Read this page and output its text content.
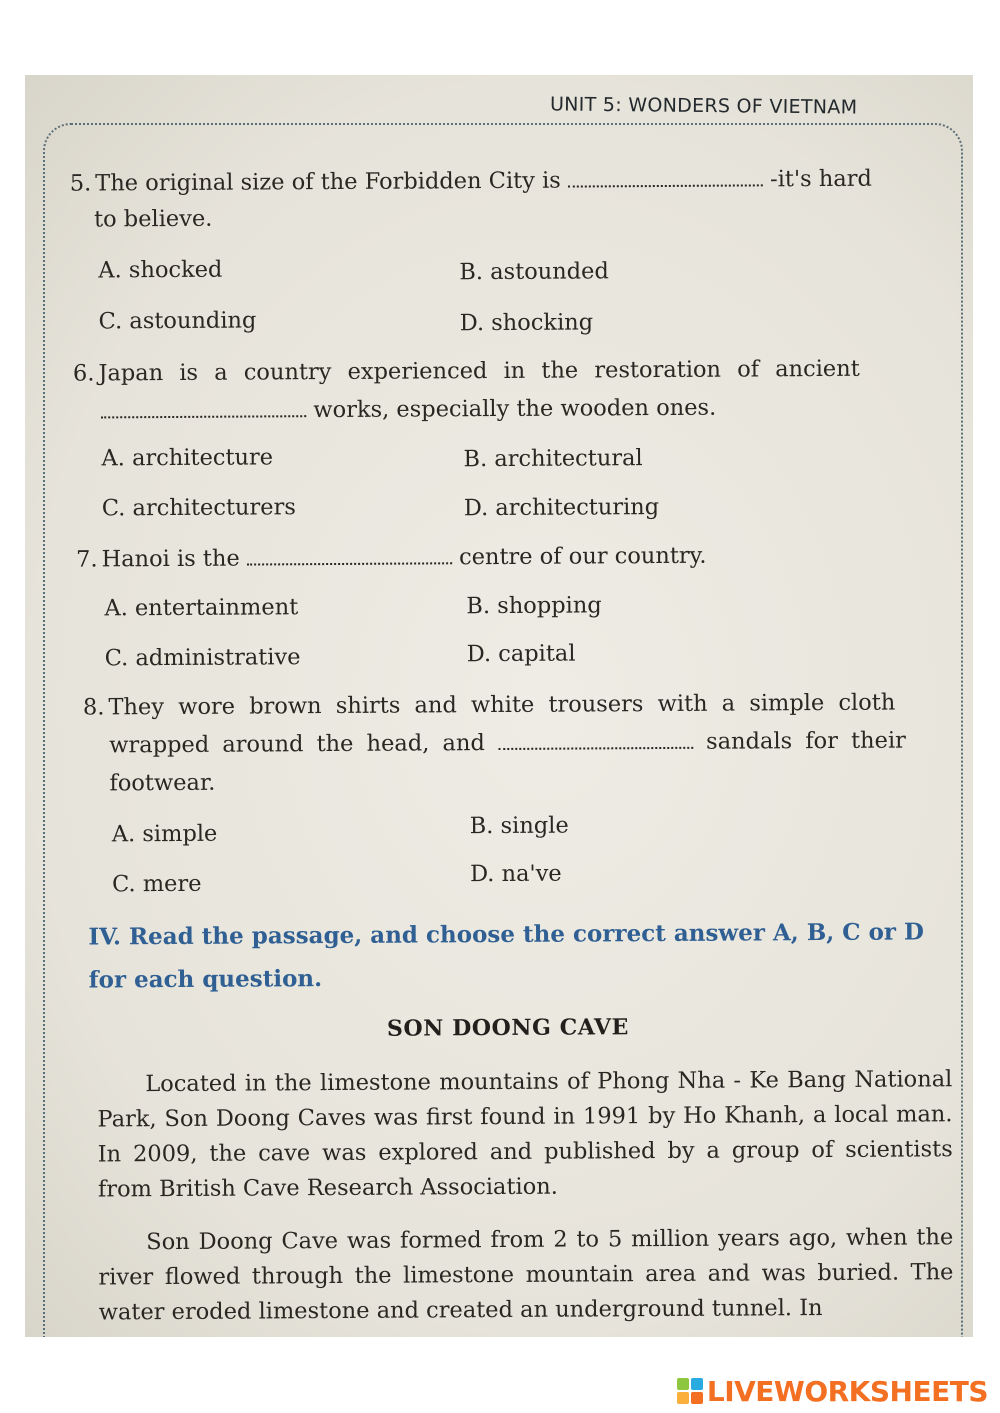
UNIT 5: WONDERS OF VIETNAM
5. The original size of the Forbidden City is	-it's hard
to believe.
A. shocked	B. astounded
C. astounding	D. shocking
6. Japan is a country experienced in the restoration of ancient
works, especially the wooden ones.
A. architecture	B. architectural
C. architecturers	D. architecturing
7. Hanoi is the	centre of our country.
A. entertainment	B. shopping
C. administrative	D. capital
8. They wore brown shirts and white trousers with a simple cloth
wrapped around the head, and	sandals for their
footwear.
A. simple	B. single
C. mere	D. na've
IV. Read the passage, and choose the correct answer A, B, C or D for each question.
SON DOONG CAVE
Located in the limestone mountains of Phong Nha - Ke Bang National Park, Son Doong Caves was first found in 1991 by Ho Khanh, a local man. In 2009, the cave was explored and published by a group of scientists from British Cave Research Association.
Son Doong Cave was formed from 2 to 5 million years ago, when the river flowed through the limestone mountain area and was buried. The water eroded limestone and created an underground tunnel. In
LIVEWORKSHEETS
